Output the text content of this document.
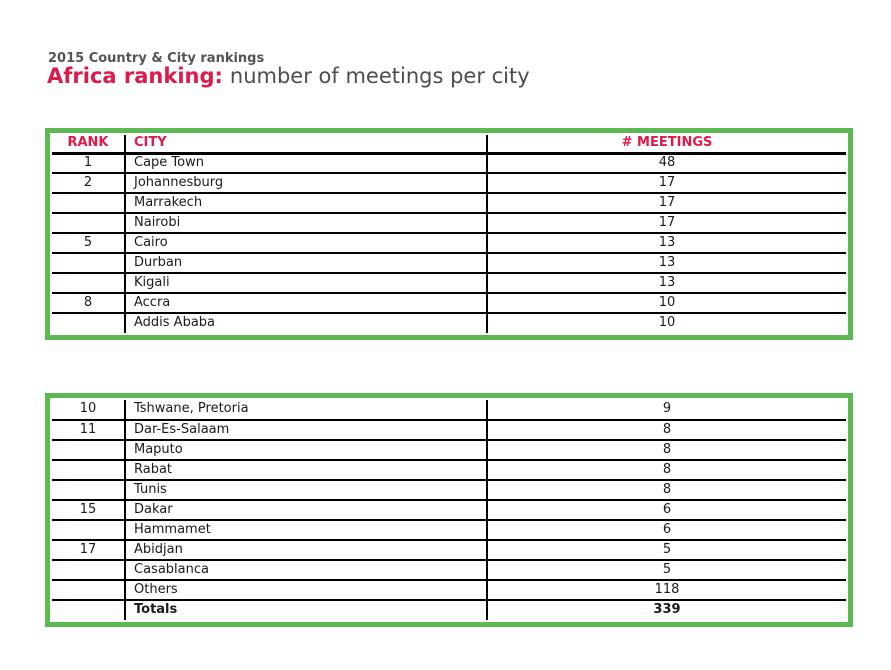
2015 Country & City rankings
Africa ranking: number of meetings per city
RANK	CITY	# MEETINGS
1	Cape Town	48
2	Johannesburg	17
	Marrakech	17
	Nairobi	17
5	Cairo	13
	Durban	13
	Kigali	13
8	Accra	10
	Addis Ababa	10
10	Tshwane, Pretoria	9
11	Dar-Es-Salaam	8
	Maputo	8
	Rabat	8
	Tunis	8
15	Dakar	6
	Hammamet	6
17	Abidjan	5
	Casablanca	5
	Others	118
	Totals	339
